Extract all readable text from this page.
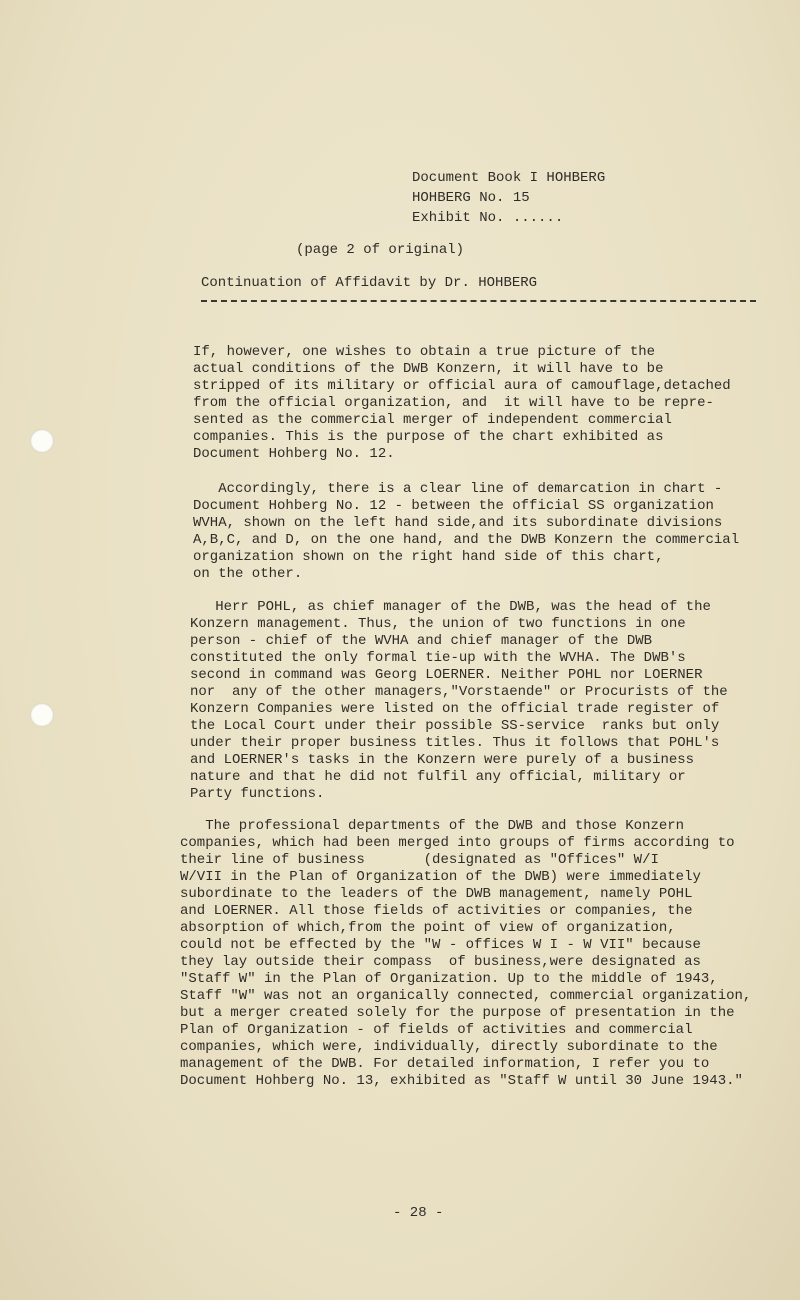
Document Book I HOHBERG
HOHBERG No. 15
Exhibit No. ......
(page 2 of original)
Continuation of Affidavit by Dr. HOHBERG
If, however, one wishes to obtain a true picture of the
actual conditions of the DWB Konzern, it will have to be
stripped of its military or official aura of camouflage,detached
from the official organization, and  it will have to be repre-
sented as the commercial merger of independent commercial
companies. This is the purpose of the chart exhibited as
Document Hohberg No. 12.
Accordingly, there is a clear line of demarcation in chart -
Document Hohberg No. 12 - between the official SS organization
WVHA, shown on the left hand side,and its subordinate divisions
A,B,C, and D, on the one hand, and the DWB Konzern the commercial
organization shown on the right hand side of this chart,
on the other.
Herr POHL, as chief manager of the DWB, was the head of the
Konzern management. Thus, the union of two functions in one
person - chief of the WVHA and chief manager of the DWB
constituted the only formal tie-up with the WVHA. The DWB's
second in command was Georg LOERNER. Neither POHL nor LOERNER
nor  any of the other managers,"Vorstaende" or Procurists of the
Konzern Companies were listed on the official trade register of
the Local Court under their possible SS-service  ranks but only
under their proper business titles. Thus it follows that POHL's
and LOERNER's tasks in the Konzern were purely of a business
nature and that he did not fulfil any official, military or
Party functions.
The professional departments of the DWB and those Konzern
companies, which had been merged into groups of firms according to
their line of business       (designated as "Offices" W/I
W/VII in the Plan of Organization of the DWB) were immediately
subordinate to the leaders of the DWB management, namely POHL
and LOERNER. All those fields of activities or companies, the
absorption of which,from the point of view of organization,
could not be effected by the "W - offices W I - W VII" because
they lay outside their compass  of business,were designated as
"Staff W" in the Plan of Organization. Up to the middle of 1943,
Staff "W" was not an organically connected, commercial organization,
but a merger created solely for the purpose of presentation in the
Plan of Organization - of fields of activities and commercial
companies, which were, individually, directly subordinate to the
management of the DWB. For detailed information, I refer you to
Document Hohberg No. 13, exhibited as "Staff W until 30 June 1943."
- 28 -
